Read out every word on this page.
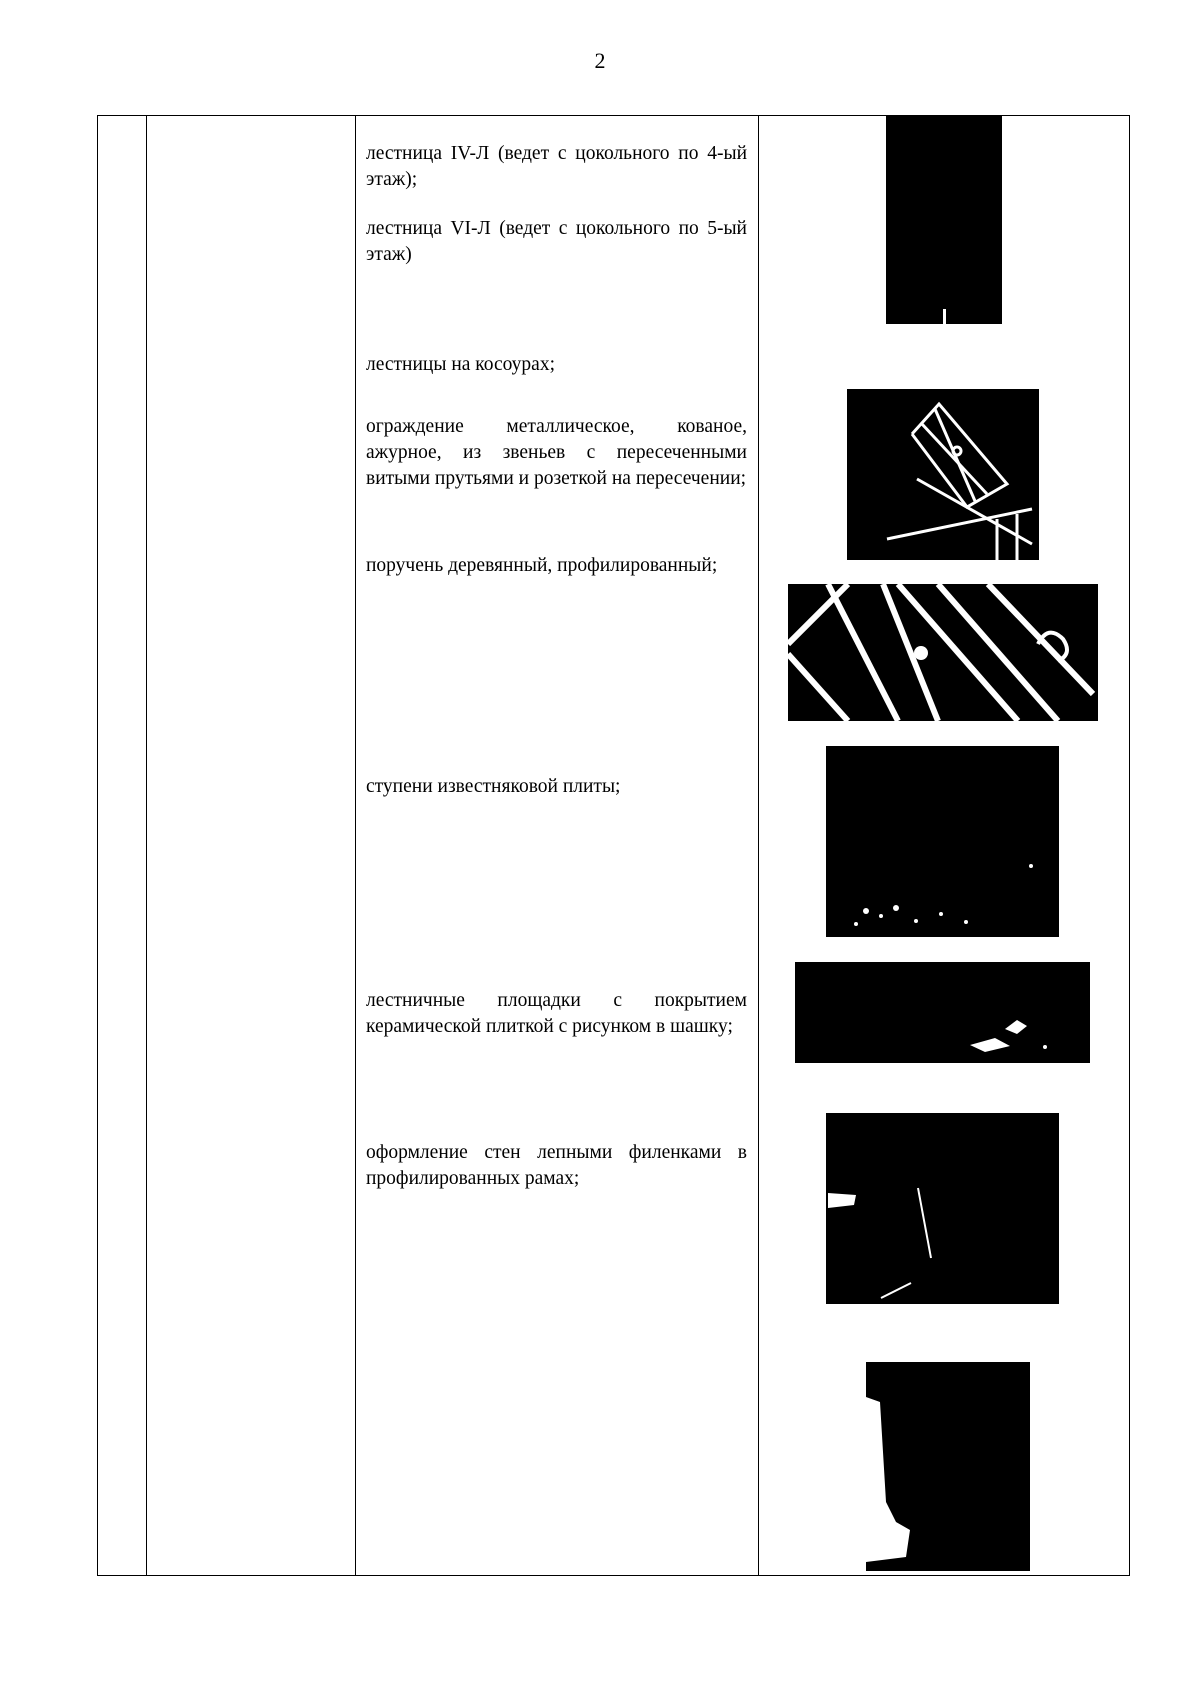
2
лестница IV-Л (ведет с цокольного по 4-ый этаж);
лестница VI-Л (ведет с цокольного по 5-ый этаж)
лестницы на косоурах;
ограждение металлическое, кованое, ажурное, из звеньев с пересеченными витыми прутьями и розеткой на пересечении;
поручень деревянный, профилированный;
ступени известняковой плиты;
лестничные площадки с покрытием керамической плиткой с рисунком в шашку;
оформление стен лепными филенками в профилированных рамах;
